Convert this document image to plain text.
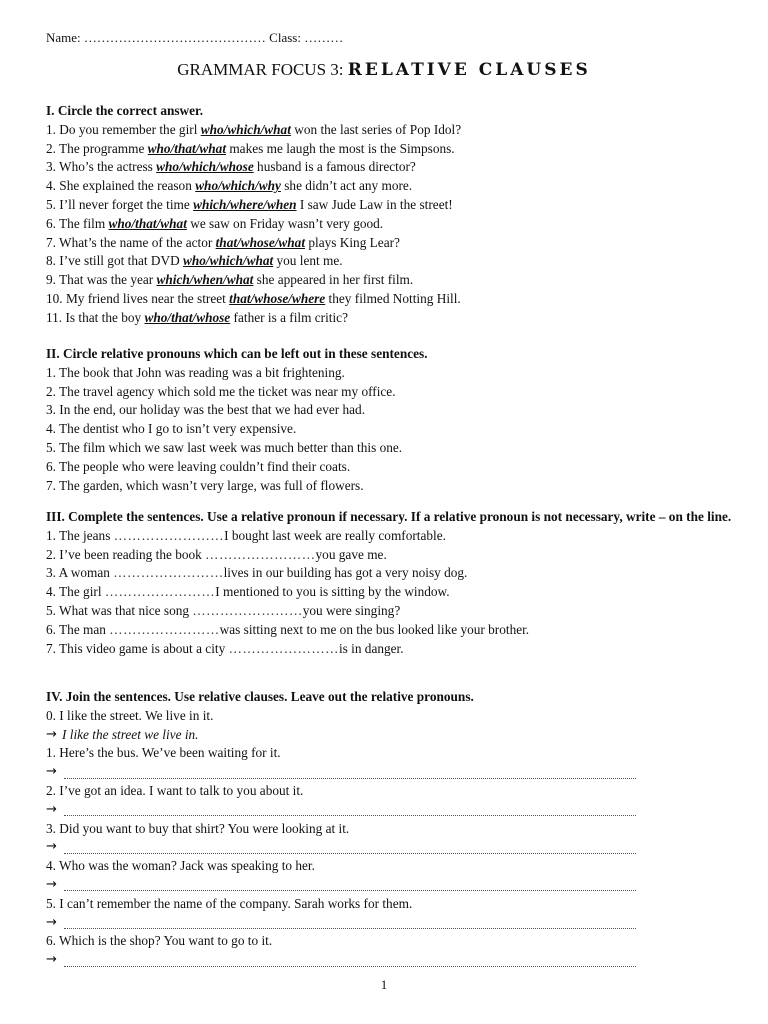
Name: …………………………………… Class: ………
GRAMMAR FOCUS 3: RELATIVE CLAUSES
I. Circle the correct answer.
1. Do you remember the girl who/which/what won the last series of Pop Idol?
2. The programme who/that/what makes me laugh the most is the Simpsons.
3. Who’s the actress who/which/whose husband is a famous director?
4. She explained the reason who/which/why she didn’t act any more.
5. I’ll never forget the time which/where/when I saw Jude Law in the street!
6. The film who/that/what we saw on Friday wasn’t very good.
7. What’s the name of the actor that/whose/what plays King Lear?
8. I’ve still got that DVD who/which/what you lent me.
9. That was the year which/when/what she appeared in her first film.
10. My friend lives near the street that/whose/where they filmed Notting Hill.
11. Is that the boy who/that/whose father is a film critic?
II. Circle relative pronouns which can be left out in these sentences.
1. The book that John was reading was a bit frightening.
2. The travel agency which sold me the ticket was near my office.
3. In the end, our holiday was the best that we had ever had.
4. The dentist who I go to isn’t very expensive.
5. The film which we saw last week was much better than this one.
6. The people who were leaving couldn’t find their coats.
7. The garden, which wasn’t very large, was full of flowers.
III. Complete the sentences. Use a relative pronoun if necessary. If a relative pronoun is not necessary, write – on the line.
1. The jeans ……………………I bought last week are really comfortable.
2. I’ve been reading the book ……………………you gave me.
3. A woman ……………………lives in our building has got a very noisy dog.
4. The girl ……………………I mentioned to you is sitting by the window.
5. What was that nice song ……………………you were singing?
6. The man ……………………was sitting next to me on the bus looked like your brother.
7. This video game is about a city ……………………is in danger.
IV. Join the sentences. Use relative clauses. Leave out the relative pronouns.
0. I like the street. We live in it.
→ I like the street we live in.
1. Here’s the bus. We’ve been waiting for it.
→
2. I’ve got an idea. I want to talk to you about it.
→
3. Did you want to buy that shirt? You were looking at it.
→
4. Who was the woman? Jack was speaking to her.
→
5. I can’t remember the name of the company. Sarah works for them.
→
6. Which is the shop? You want to go to it.
→
1
